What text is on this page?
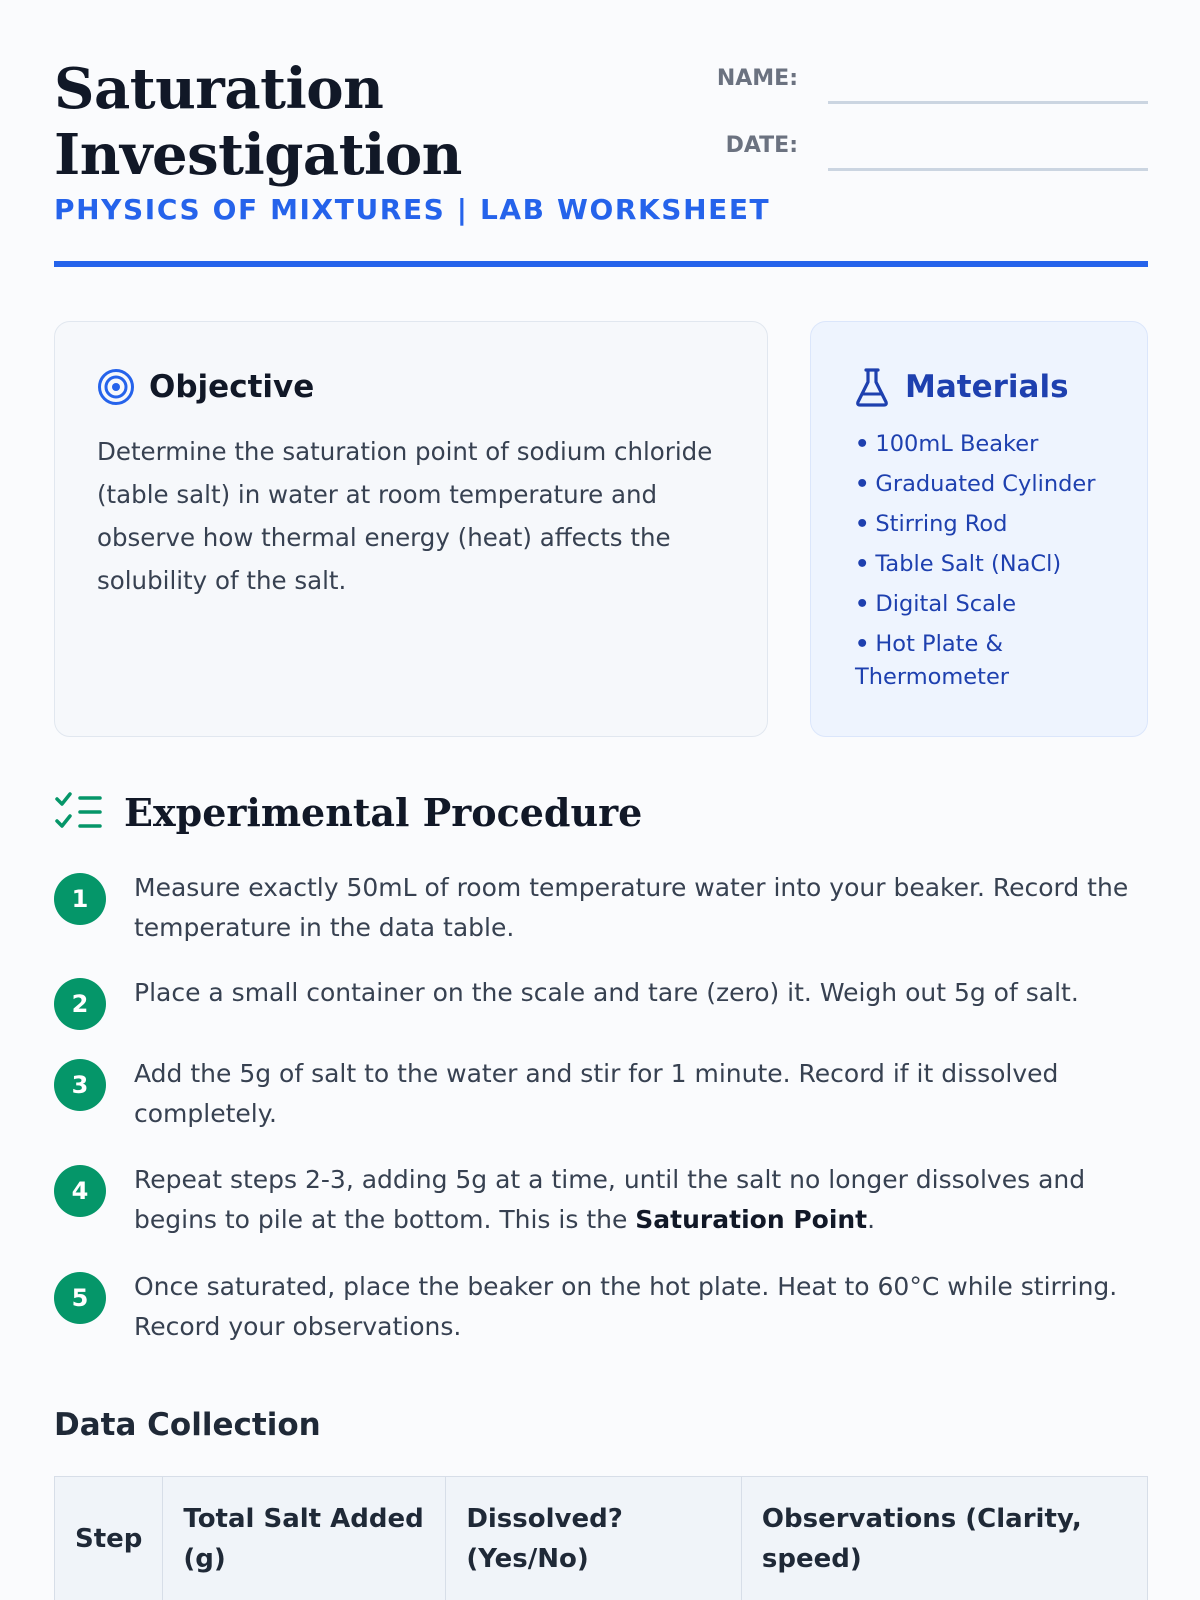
Saturation Investigation
PHYSICS OF MIXTURES | LAB WORKSHEET
NAME:
DATE:
Objective

Determine the saturation point of sodium chloride (table salt) in water at room temperature and observe how thermal energy (heat) affects the solubility of the salt.

Materials
• 100mL Beaker
• Graduated Cylinder
• Stirring Rod
• Table Salt (NaCl)
• Digital Scale
• Hot Plate & Thermometer
Experimental Procedure
1	Measure exactly 50mL of room temperature water into your beaker. Record the temperature in the data table.

2	Place a small container on the scale and tare (zero) it. Weigh out 5g of salt.

3	Add the 5g of salt to the water and stir for 1 minute. Record if it dissolved completely.

4	Repeat steps 2-3, adding 5g at a time, until the salt no longer dissolves and begins to pile at the bottom. This is the Saturation Point.

5	Once saturated, place the beaker on the hot plate. Heat to 60°C while stirring. Record your observations.

Data Collection
Step	Total Salt Added (g)	Dissolved? (Yes/No)	Observations (Clarity, speed)
